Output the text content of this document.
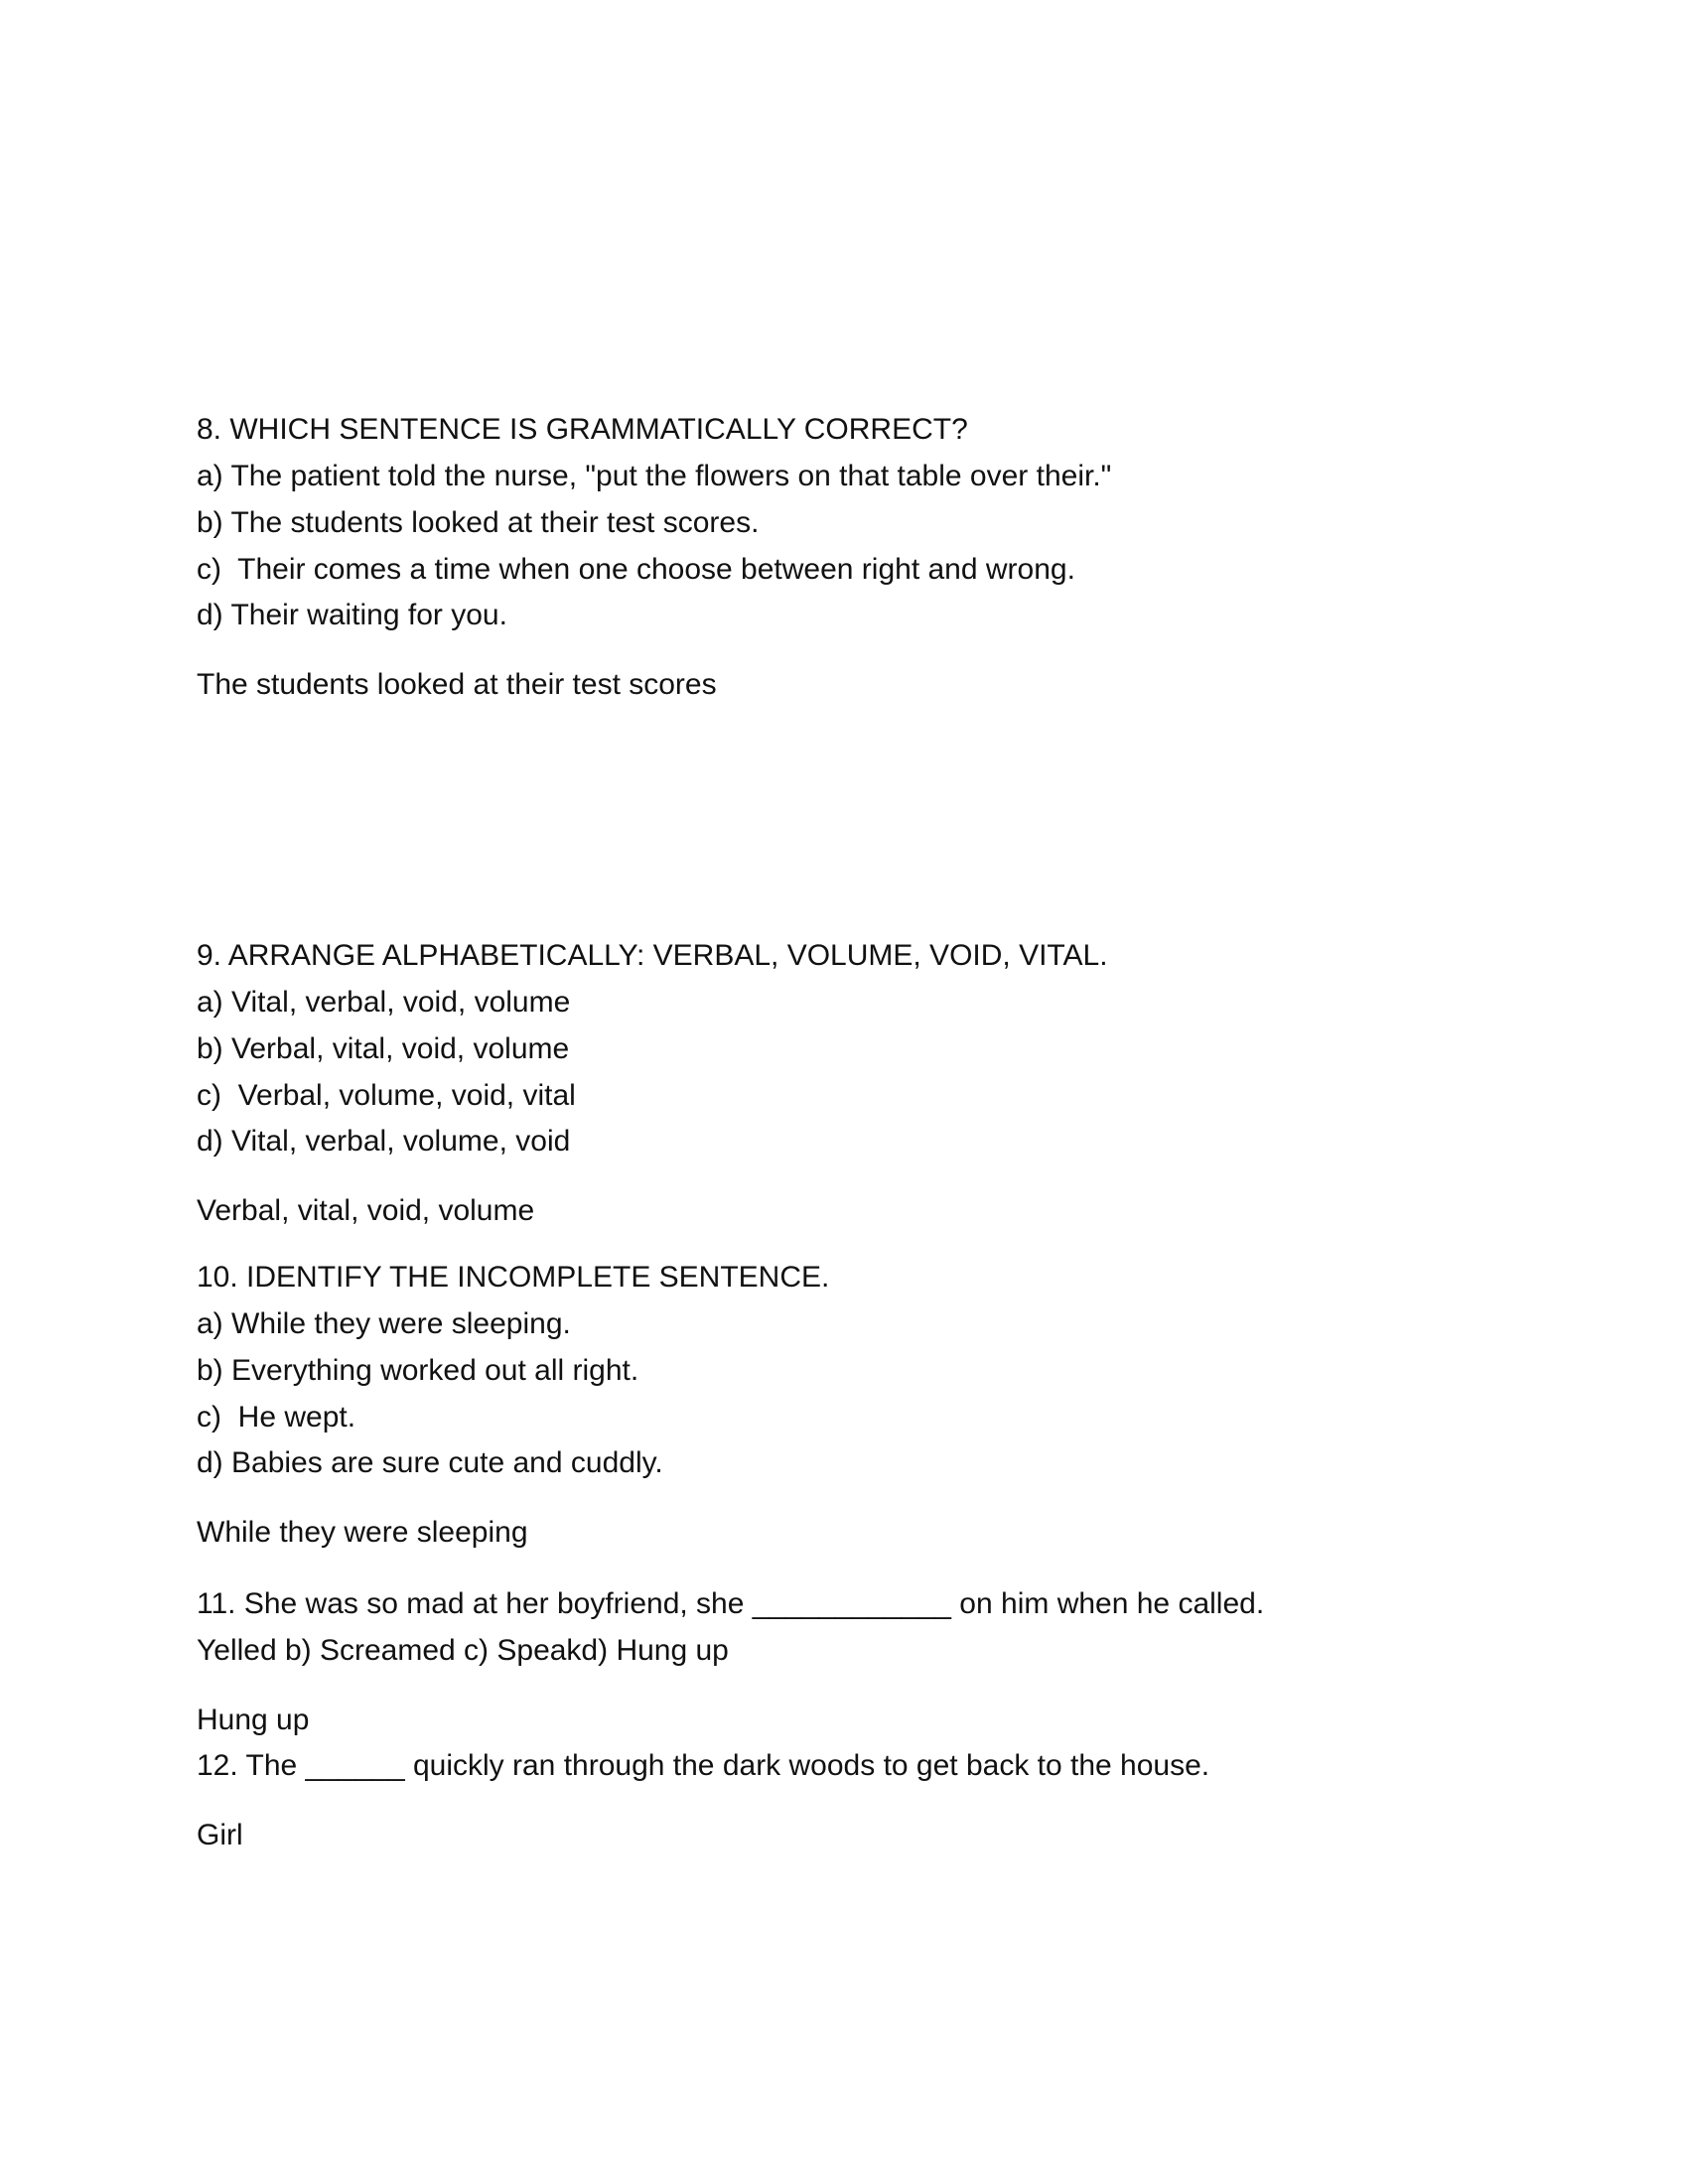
8. WHICH SENTENCE IS GRAMMATICALLY CORRECT?

a) The patient told the nurse, "put the flowers on that table over their."

b) The students looked at their test scores.

c)  Their comes a time when one choose between right and wrong.

d) Their waiting for you.

The students looked at their test scores

9. ARRANGE ALPHABETICALLY: VERBAL, VOLUME, VOID, VITAL.

a) Vital, verbal, void, volume

b) Verbal, vital, void, volume

c)  Verbal, volume, void, vital

d) Vital, verbal, volume, void

Verbal, vital, void, volume

10. IDENTIFY THE INCOMPLETE SENTENCE.

a) While they were sleeping.

b) Everything worked out all right.

c)  He wept.

d) Babies are sure cute and cuddly.

While they were sleeping

11. She was so mad at her boyfriend, she ____________ on him when he called.

Yelled b) Screamed c) Speakd) Hung up

Hung up

12. The ______ quickly ran through the dark woods to get back to the house.

Girl
